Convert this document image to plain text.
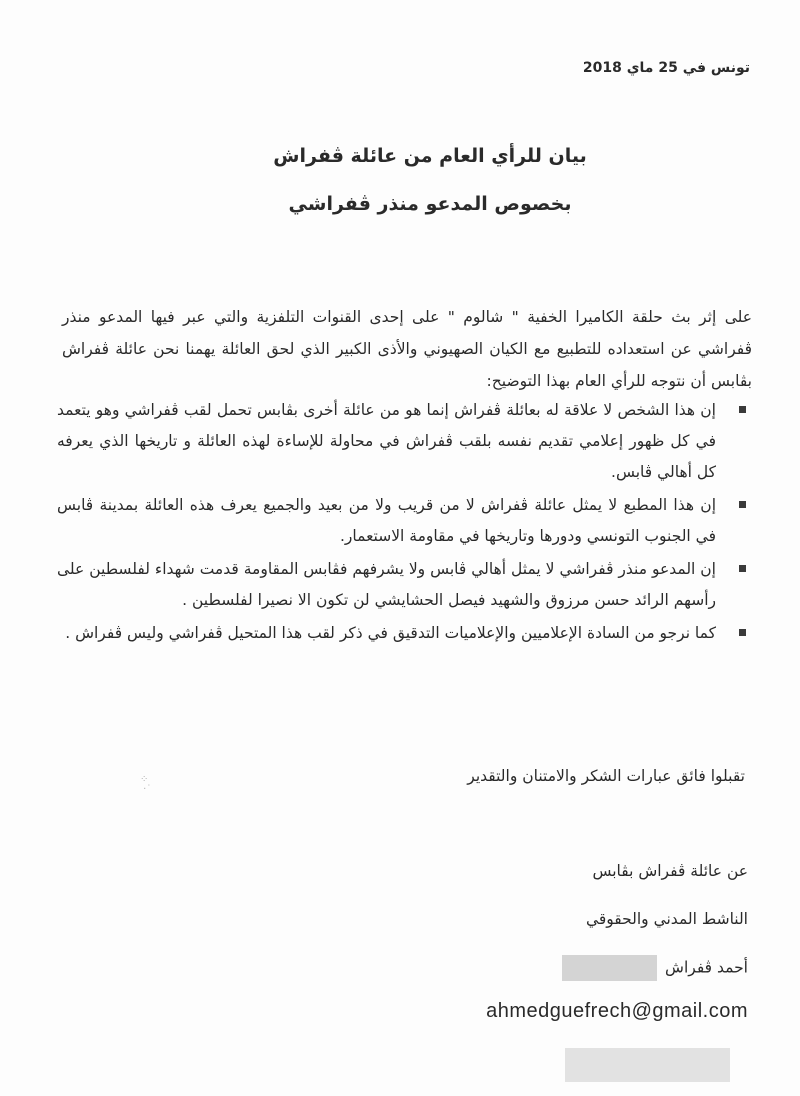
تونس في 25 ماي 2018
بيان للرأي العام من عائلة ڨفراش
بخصوص المدعو منذر ڨفراشي

على إثر بث حلقة الكاميرا الخفية " شالوم " على إحدى القنوات التلفزية والتي عبر فيها المدعو منذر ڨفراشي عن استعداده للتطبيع مع الكيان الصهيوني والأذى الكبير الذي لحق العائلة يهمنا نحن عائلة ڨفراش بڨابس أن نتوجه للرأي العام بهذا التوضيح:

إن هذا الشخص لا علاقة له بعائلة ڨفراش إنما هو من عائلة أخرى بڨابس تحمل لقب ڨفراشي وهو يتعمد في كل ظهور إعلامي تقديم نفسه بلقب ڨفراش في محاولة للإساءة لهذه العائلة و تاريخها الذي يعرفه كل أهالي ڨابس.
إن هذا المطبع لا يمثل عائلة ڨفراش لا من قريب ولا من بعيد والجميع يعرف هذه العائلة بمدينة ڨابس في الجنوب التونسي ودورها وتاريخها في مقاومة الاستعمار.
إن المدعو منذر ڨفراشي لا يمثل أهالي ڨابس ولا يشرفهم فڨابس المقاومة قدمت شهداء لفلسطين على رأسهم الرائد حسن مرزوق والشهيد فيصل الحشايشي لن تكون الا نصيرا لفلسطين .
كما نرجو من السادة الإعلاميين والإعلاميات التدقيق في ذكر لقب هذا المتحيل ڨفراشي وليس ڨفراش .
⁘
·˙
تقبلوا فائق عبارات الشكر والامتنان والتقدير
عن عائلة ڨفراش بڨابس
الناشط المدني والحقوقي
أحمد ڨفراش
ahmedguefrech@gmail.com
